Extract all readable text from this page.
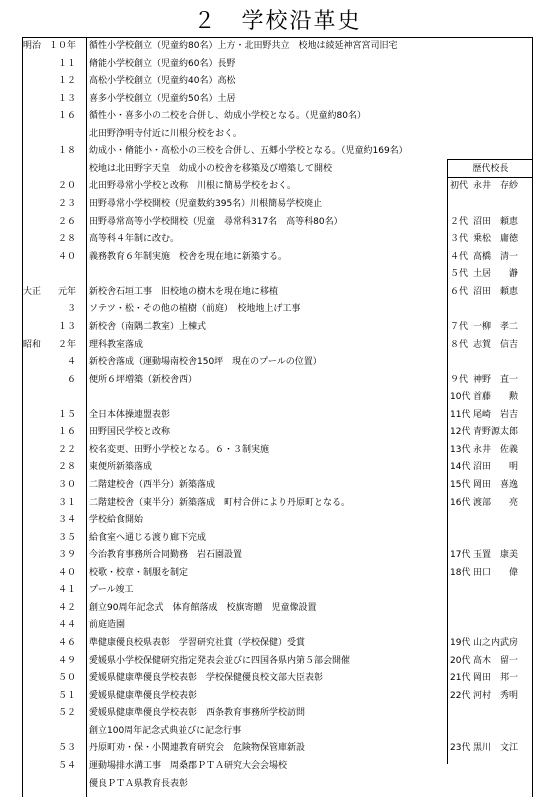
２　学校沿革史
明治 １０年 循性小学校創立（児童約80名）上方・北田野共立　校地は綾延神宮宮司旧宅
１１ 脩能小学校創立（児童約60名）長野
１２ 高松小学校創立（児童約40名）高松
１３ 喜多小学校創立（児童約50名）土居
１６ 循性小・喜多小の二校を合併し、幼成小学校となる。（児童約80名）
北田野浄明寺付近に川根分校をおく。
１８ 幼成小・脩能小・高松小の三校を合併し、五郷小学校となる。（児童約169名）
校地は北田野字天皇　幼成小の校舎を移築及び増築して開校	歴代校長
２０ 北田野尋常小学校と改称　川根に簡易学校をおく。	初代 永井　存紗
２３ 田野尋常小学校開校（児童数約395名）川根簡易学校廃止
２６ 田野尋常高等小学校開校（児童　尋常科317名　高等科80名）	２代 沼田　頼恵
２８ 高等科４年制に改む。	３代 乗松　庸徳
４０ 義務教育６年制実施　校舎を現在地に新築する。	４代 高橋　清一
５代 土居　　瀞
大正	元年 新校舎石垣工事　旧校地の樹木を現在地に移植	６代 沼田　頼恵
３ ソテツ・松・その他の植樹（前庭）　校地地上げ工事
１３ 新校舎（南隅二教室）上棟式	７代 一柳　孝二
昭和	２年 理科教室落成	８代 志賀　信吉
４ 新校舎落成（運動場南校舎150坪　現在のプールの位置）
６ 便所６坪増築（新校舎西）	９代 神野　直一
10代 首藤　　勲
１５ 全日本体操連盟表彰	11代 尾崎　岩吉
１６ 田野国民学校と改称	12代 青野源太郎
２２ 校名変更、田野小学校となる。６・３制実施	13代 永井　佐義
２８ 東便所新築落成	14代 沼田　　明
３０ 二階建校舎（西半分）新築落成	15代 岡田　喜逸
３１ 二階建校舎（東半分）新築落成　町村合併により丹原町となる。	16代 渡部　　亮
３４ 学校給食開始
３５ 給食室へ通じる渡り廊下完成
３９ 今治教育事務所合同勤務　岩石園設置	17代 玉置　康美
４０ 校歌・校章・制服を制定	18代 田口　　偉
４１ プール竣工
４２ 創立90周年記念式　体育館落成　校旗寄贈　児童像設置
４４ 前庭造園
４６ 準健康優良校県表彰　学習研究社賞（学校保健）受賞	19代 山之内武房
４９ 愛媛県小学校保健研究指定発表会並びに四国各県内第５部会開催	20代 高木　留一
５０ 愛媛県健康準優良学校表彰　学校保健優良校文部大臣表彰	21代 岡田　邦一
５１ 愛媛県健康準優良学校表彰	22代 河村　秀明
５２ 愛媛県健康準優良学校表彰　西条教育事務所学校訪問
創立100周年記念式典並びに記念行事
５３ 丹原町劝・保・小関連教育研究会　危険物保管庫新設	23代 黒川　文江
５４ 運動場排水溝工事　周桑郡ＰＴＡ研究大会会場校
優良ＰＴＡ県教育長表彰
